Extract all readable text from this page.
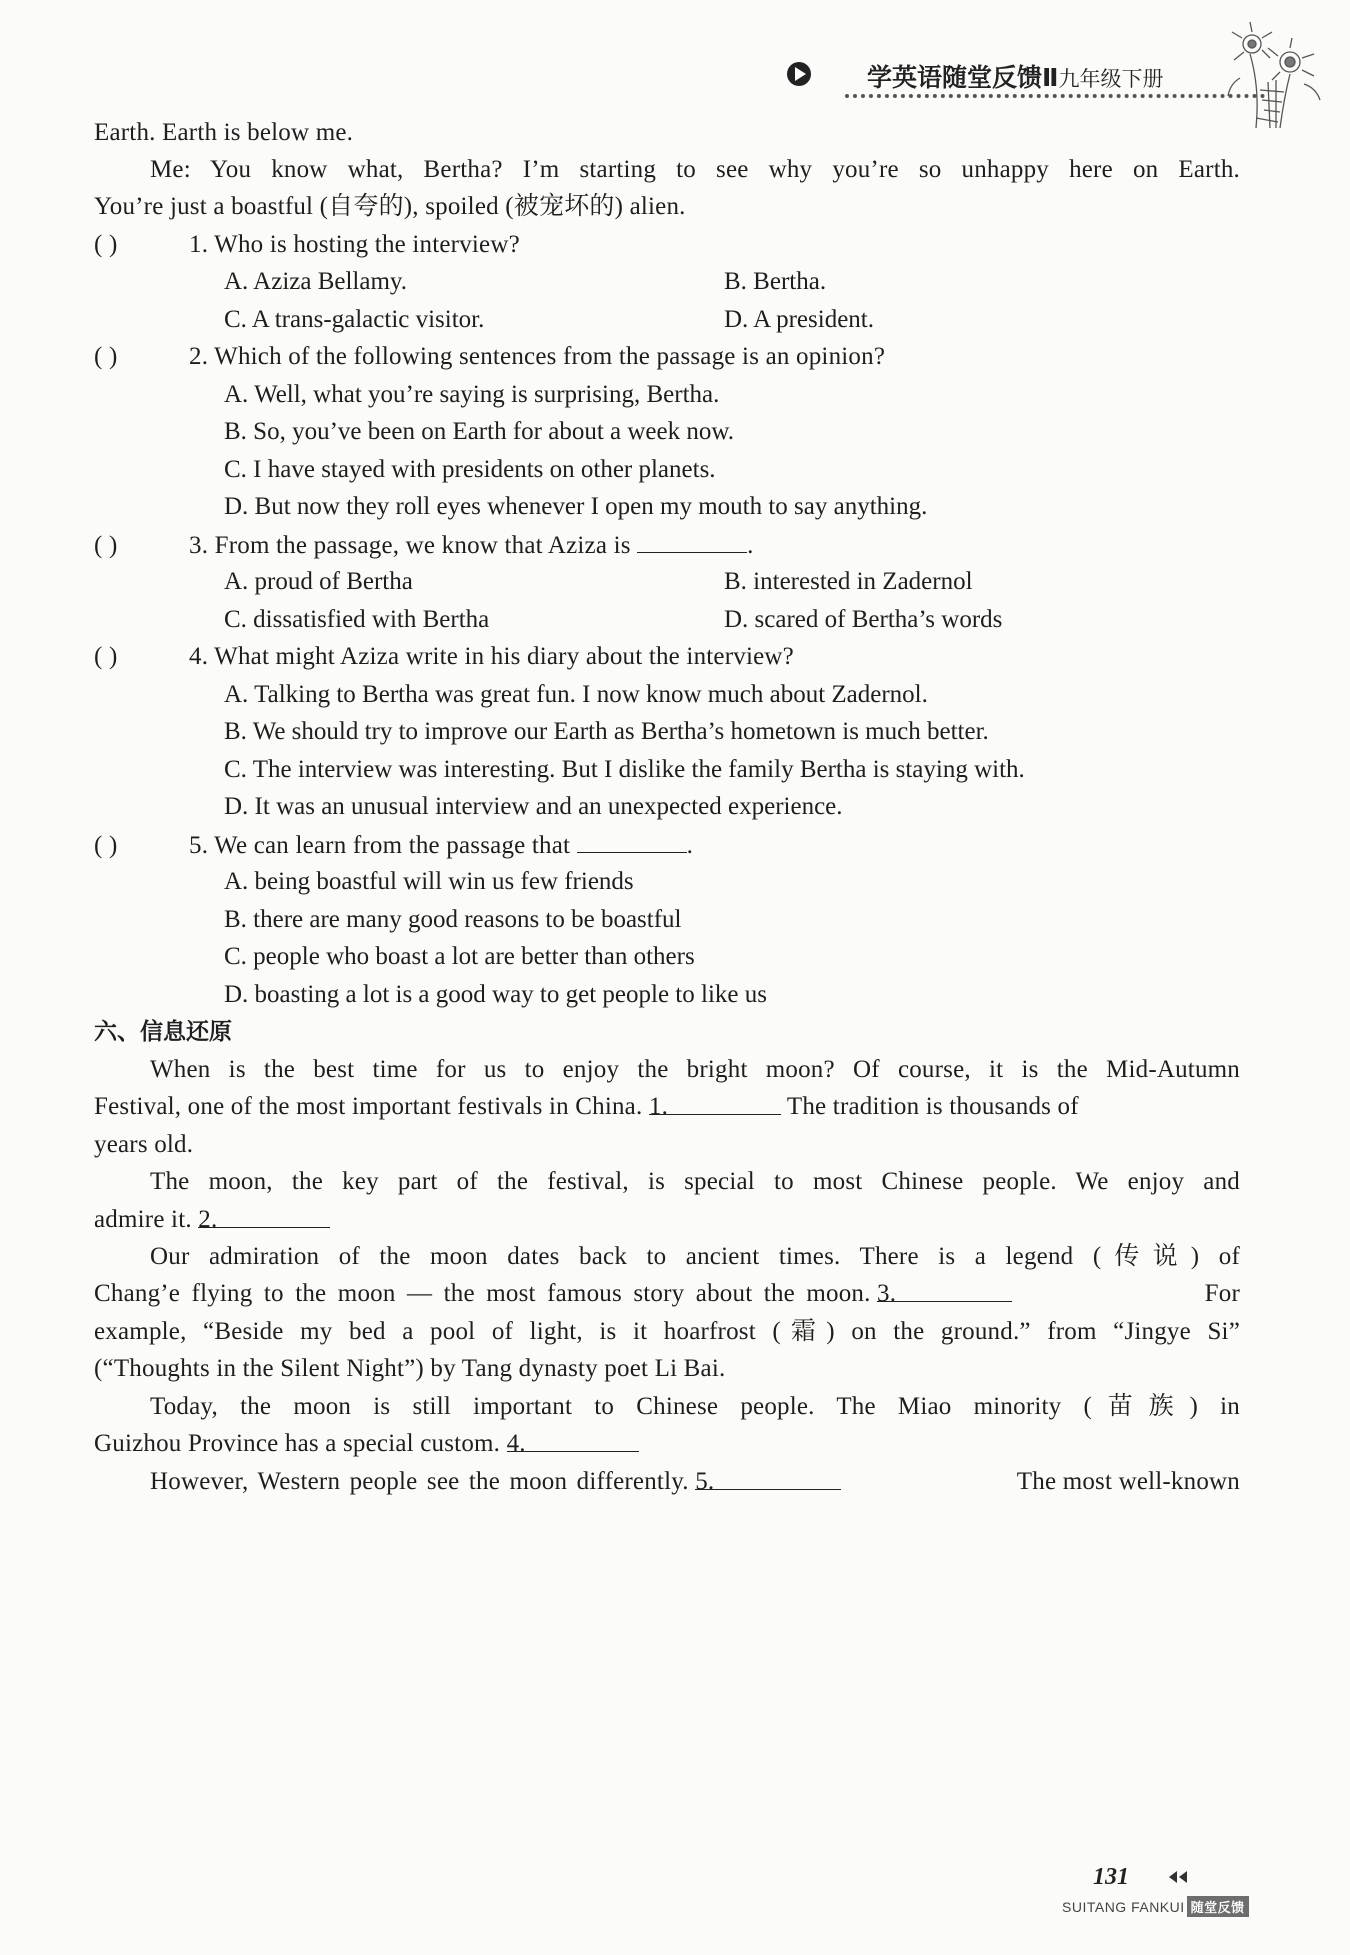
学英语随堂反馈Ⅱ九年级下册
Earth. Earth is below me.
Me: You know what, Bertha? I’m starting to see why you’re so unhappy here on Earth.
You’re just a boastful (自夸的), spoiled (被宠坏的) alien.
( )	1. Who is hosting the interview?
A. Aziza Bellamy.	B. Bertha.
C. A trans-galactic visitor.	D. A president.
( )	2. Which of the following sentences from the passage is an opinion?
A. Well, what you’re saying is surprising, Bertha.
B. So, you’ve been on Earth for about a week now.
C. I have stayed with presidents on other planets.
D. But now they roll eyes whenever I open my mouth to say anything.
( )	3. From the passage, we know that Aziza is	.
A. proud of Bertha	B. interested in Zadernol
C. dissatisfied with Bertha	D. scared of Bertha’s words
( )	4. What might Aziza write in his diary about the interview?
A. Talking to Bertha was great fun. I now know much about Zadernol.
B. We should try to improve our Earth as Bertha’s hometown is much better.
C. The interview was interesting. But I dislike the family Bertha is staying with.
D. It was an unusual interview and an unexpected experience.
( )	5. We can learn from the passage that	.
A. being boastful will win us few friends
B. there are many good reasons to be boastful
C. people who boast a lot are better than others
D. boasting a lot is a good way to get people to like us
六、信息还原
When is the best time for us to enjoy the bright moon? Of course, it is the Mid-Autumn
Festival, one of the most important festivals in China. 1.	The tradition is thousands of
years old.
The moon, the key part of the festival, is special to most Chinese people. We enjoy and
admire it. 2.
Our admiration of the moon dates back to ancient times. There is a legend (传说) of
Chang’e flying to the moon — the most famous story about the moon. 3.	For
example, “Beside my bed a pool of light, is it hoarfrost (霜) on the ground.” from “Jingye Si”
(“Thoughts in the Silent Night”) by Tang dynasty poet Li Bai.
Today, the moon is still important to Chinese people. The Miao minority (苗族) in
Guizhou Province has a special custom. 4.
However, Western people see the moon differently. 5.	The most well-known
131
SUITANG FANKUI 随堂反馈
